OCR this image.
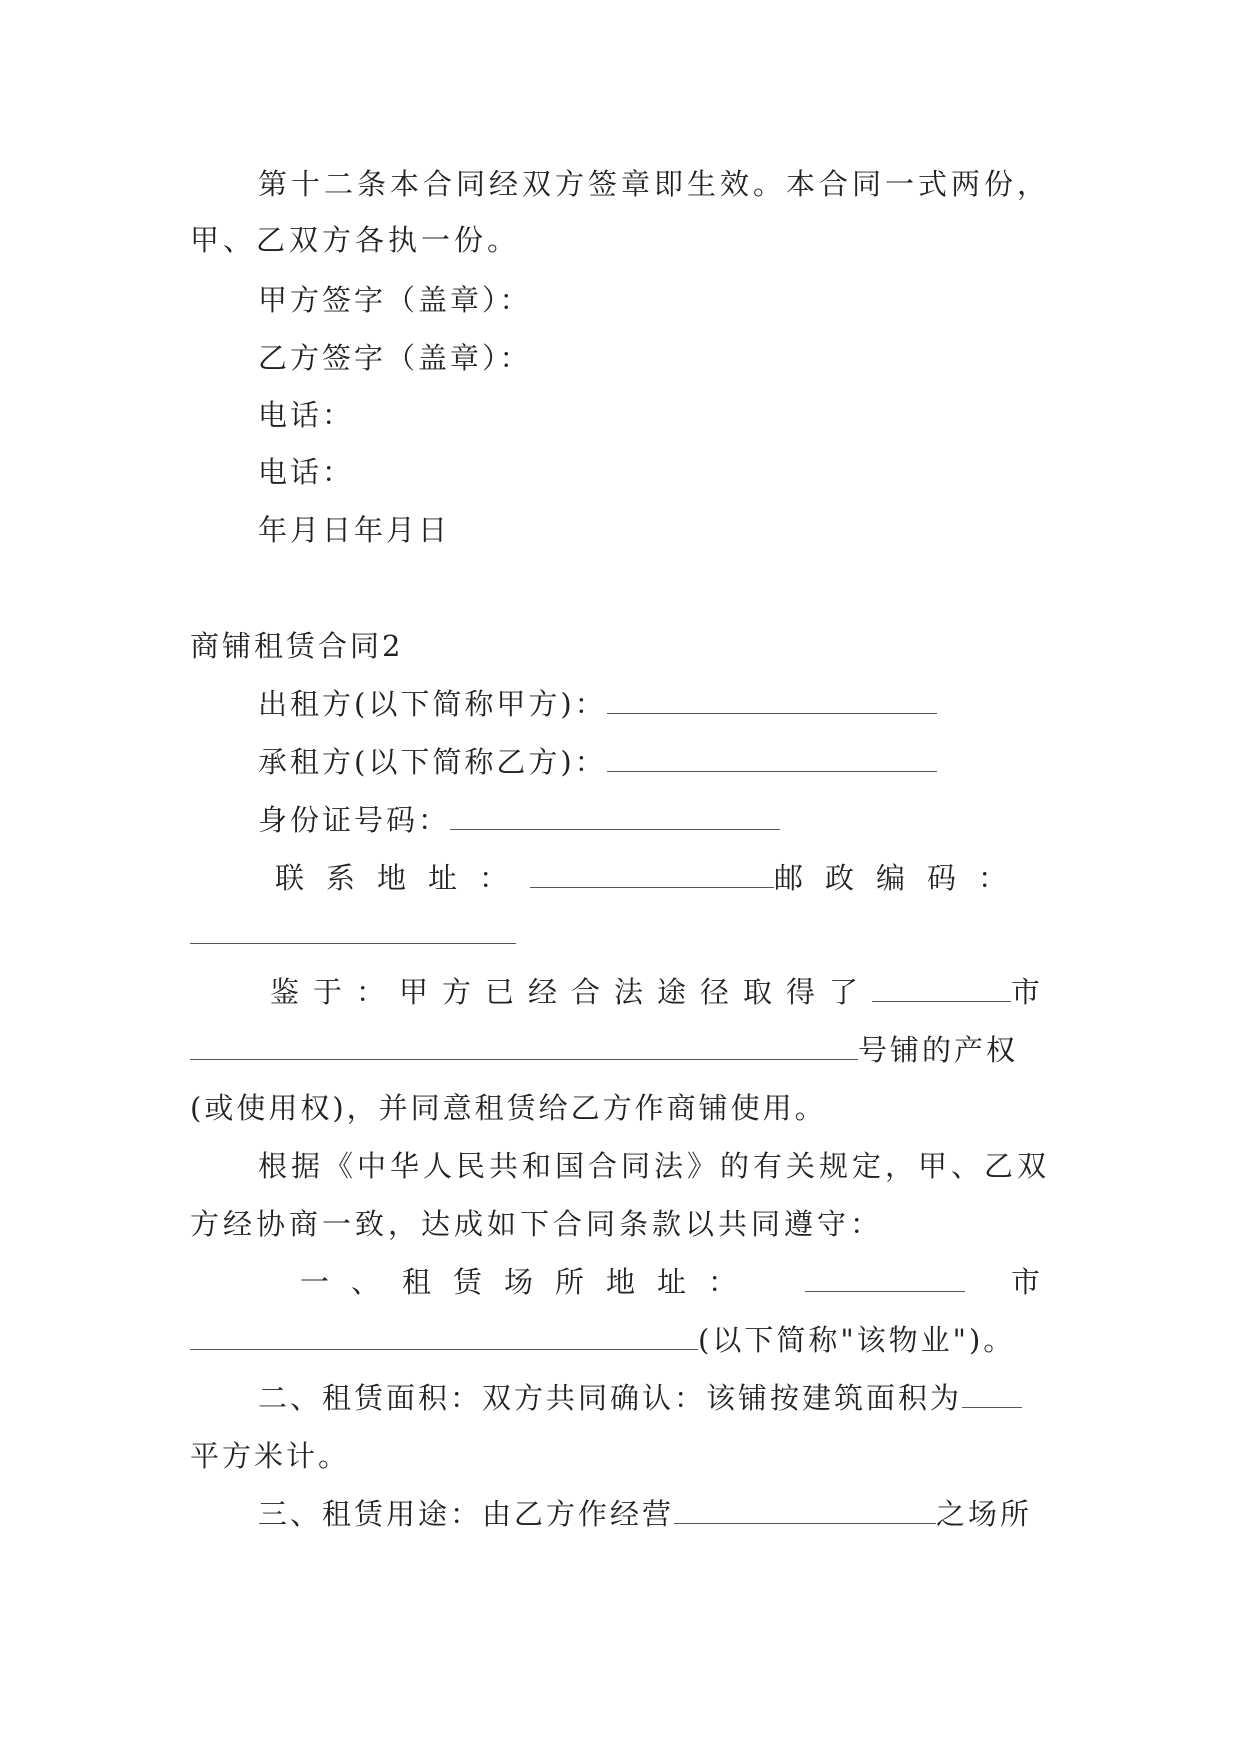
第十二条本合同经双方签章即生效。本合同一式两份，
甲、乙双方各执一份。
甲方签字（盖章）：
乙方签字（盖章）：
电话：
电话：
年月日年月日
商铺租赁合同2
出租方(以下简称甲方)：
承租方(以下简称乙方)：
身份证号码：
联系地址：	邮政编码：
鉴于：甲方已经合法途径取得了	市
号铺的产权
(或使用权)，并同意租赁给乙方作商铺使用。
根据《中华人民共和国合同法》的有关规定，甲、乙双
方经协商一致，达成如下合同条款以共同遵守：
一、租赁场所地址：	市
(以下简称"该物业")。
二、租赁面积：双方共同确认：该铺按建筑面积为
平方米计。
三、租赁用途：由乙方作经营	之场所
